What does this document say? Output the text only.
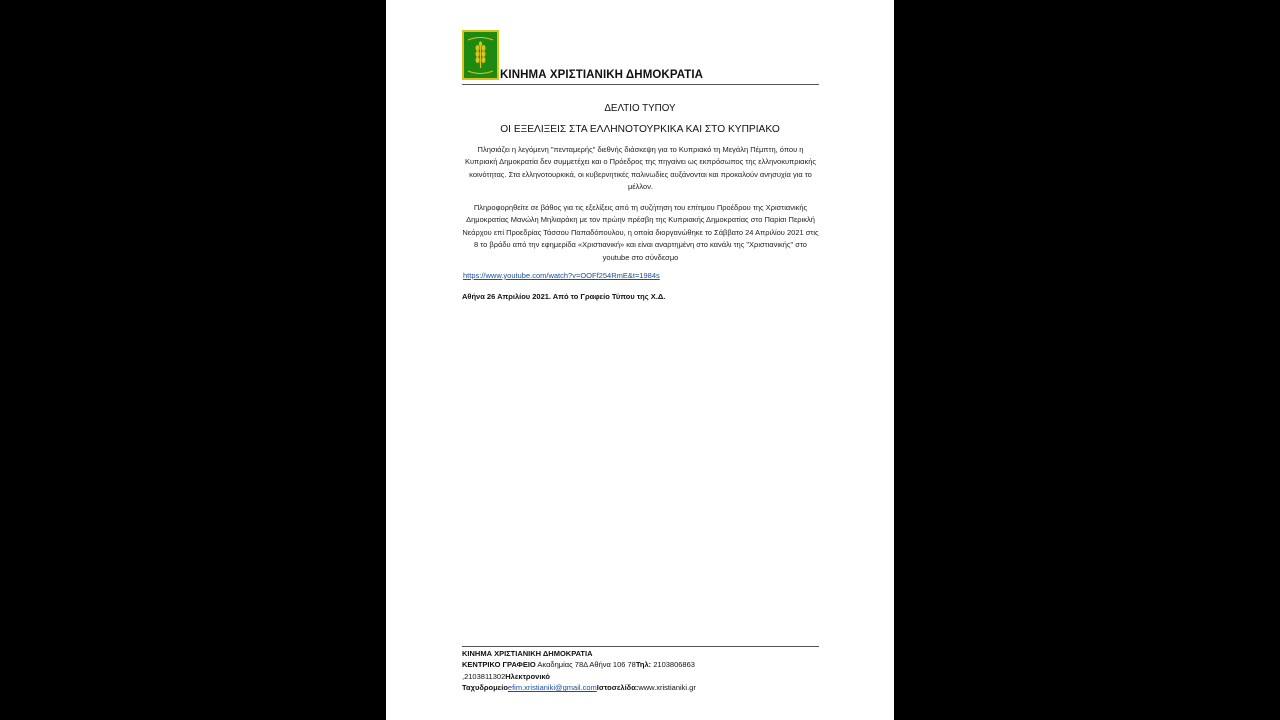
ΚΙΝΗΜΑ ΧΡΙΣΤΙΑΝΙΚΗ ΔΗΜΟΚΡΑΤΙΑ
ΔΕΛΤΙΟ ΤΥΠΟΥ
ΟΙ ΕΞΕΛΙΞΕΙΣ ΣΤΑ ΕΛΛΗΝΟΤΟΥΡΚΙΚΑ ΚΑΙ ΣΤΟ ΚΥΠΡΙΑΚΟ
Πλησιάζει η λεγόμενη "πενταμερής" διεθνής διάσκεψη για το Κυπριακό τη Μεγάλη Πέμπτη, όπου η Κυπριακή Δημοκρατία δεν συμμετέχει και ο Πρόεδρος της πηγαίνει ως εκπρόσωπος της ελληνοκυπριακής κοινότητας. Στα ελληνοτουρκικά, οι κυβερνητικές παλινωδίες αυξάνονται και προκαλούν ανησυχία για το μέλλον.
Πληροφορηθείτε σε βάθος για τις εξελίξεις από τη συζήτηση του επίτιμου Προέδρου της Χριστιανικής Δημοκρατίας Μανώλη Μηλιαράκη με τον πρώην πρέσβη της Κυπριακής Δημοκρατίας στο Παρίσι Περικλή Νεάρχου επί Προεδρίας Τάσσου Παπαδόπουλου, η οποία διοργανώθηκε το Σάββατο 24 Απριλίου 2021 στις 8 το βράδυ από την εφημερίδα «Χριστιανική» και είναι αναρτημένη στο κανάλι της "Χριστιανικής" στο youtube στο σύνδεσμο
https://www.youtube.com/watch?v=OOFf254RmE&t=1984s
Αθήνα 26 Απριλίου 2021. Από το Γραφείο Τύπου της Χ.Δ.
ΚΙΝΗΜΑ ΧΡΙΣΤΙΑΝΙΚΗ ΔΗΜΟΚΡΑΤΙΑ
ΚΕΝΤΡΙΚΟ ΓΡΑΦΕΙΟ Ακαδημίας 78Δ Αθήνα 106 78Τηλ: 2103806863
,2103811302Ηλεκτρονικό
Ταχυδρομείοefim.xristianiki@gmail.comΙστοσελίδα:www.xristianiki.gr
